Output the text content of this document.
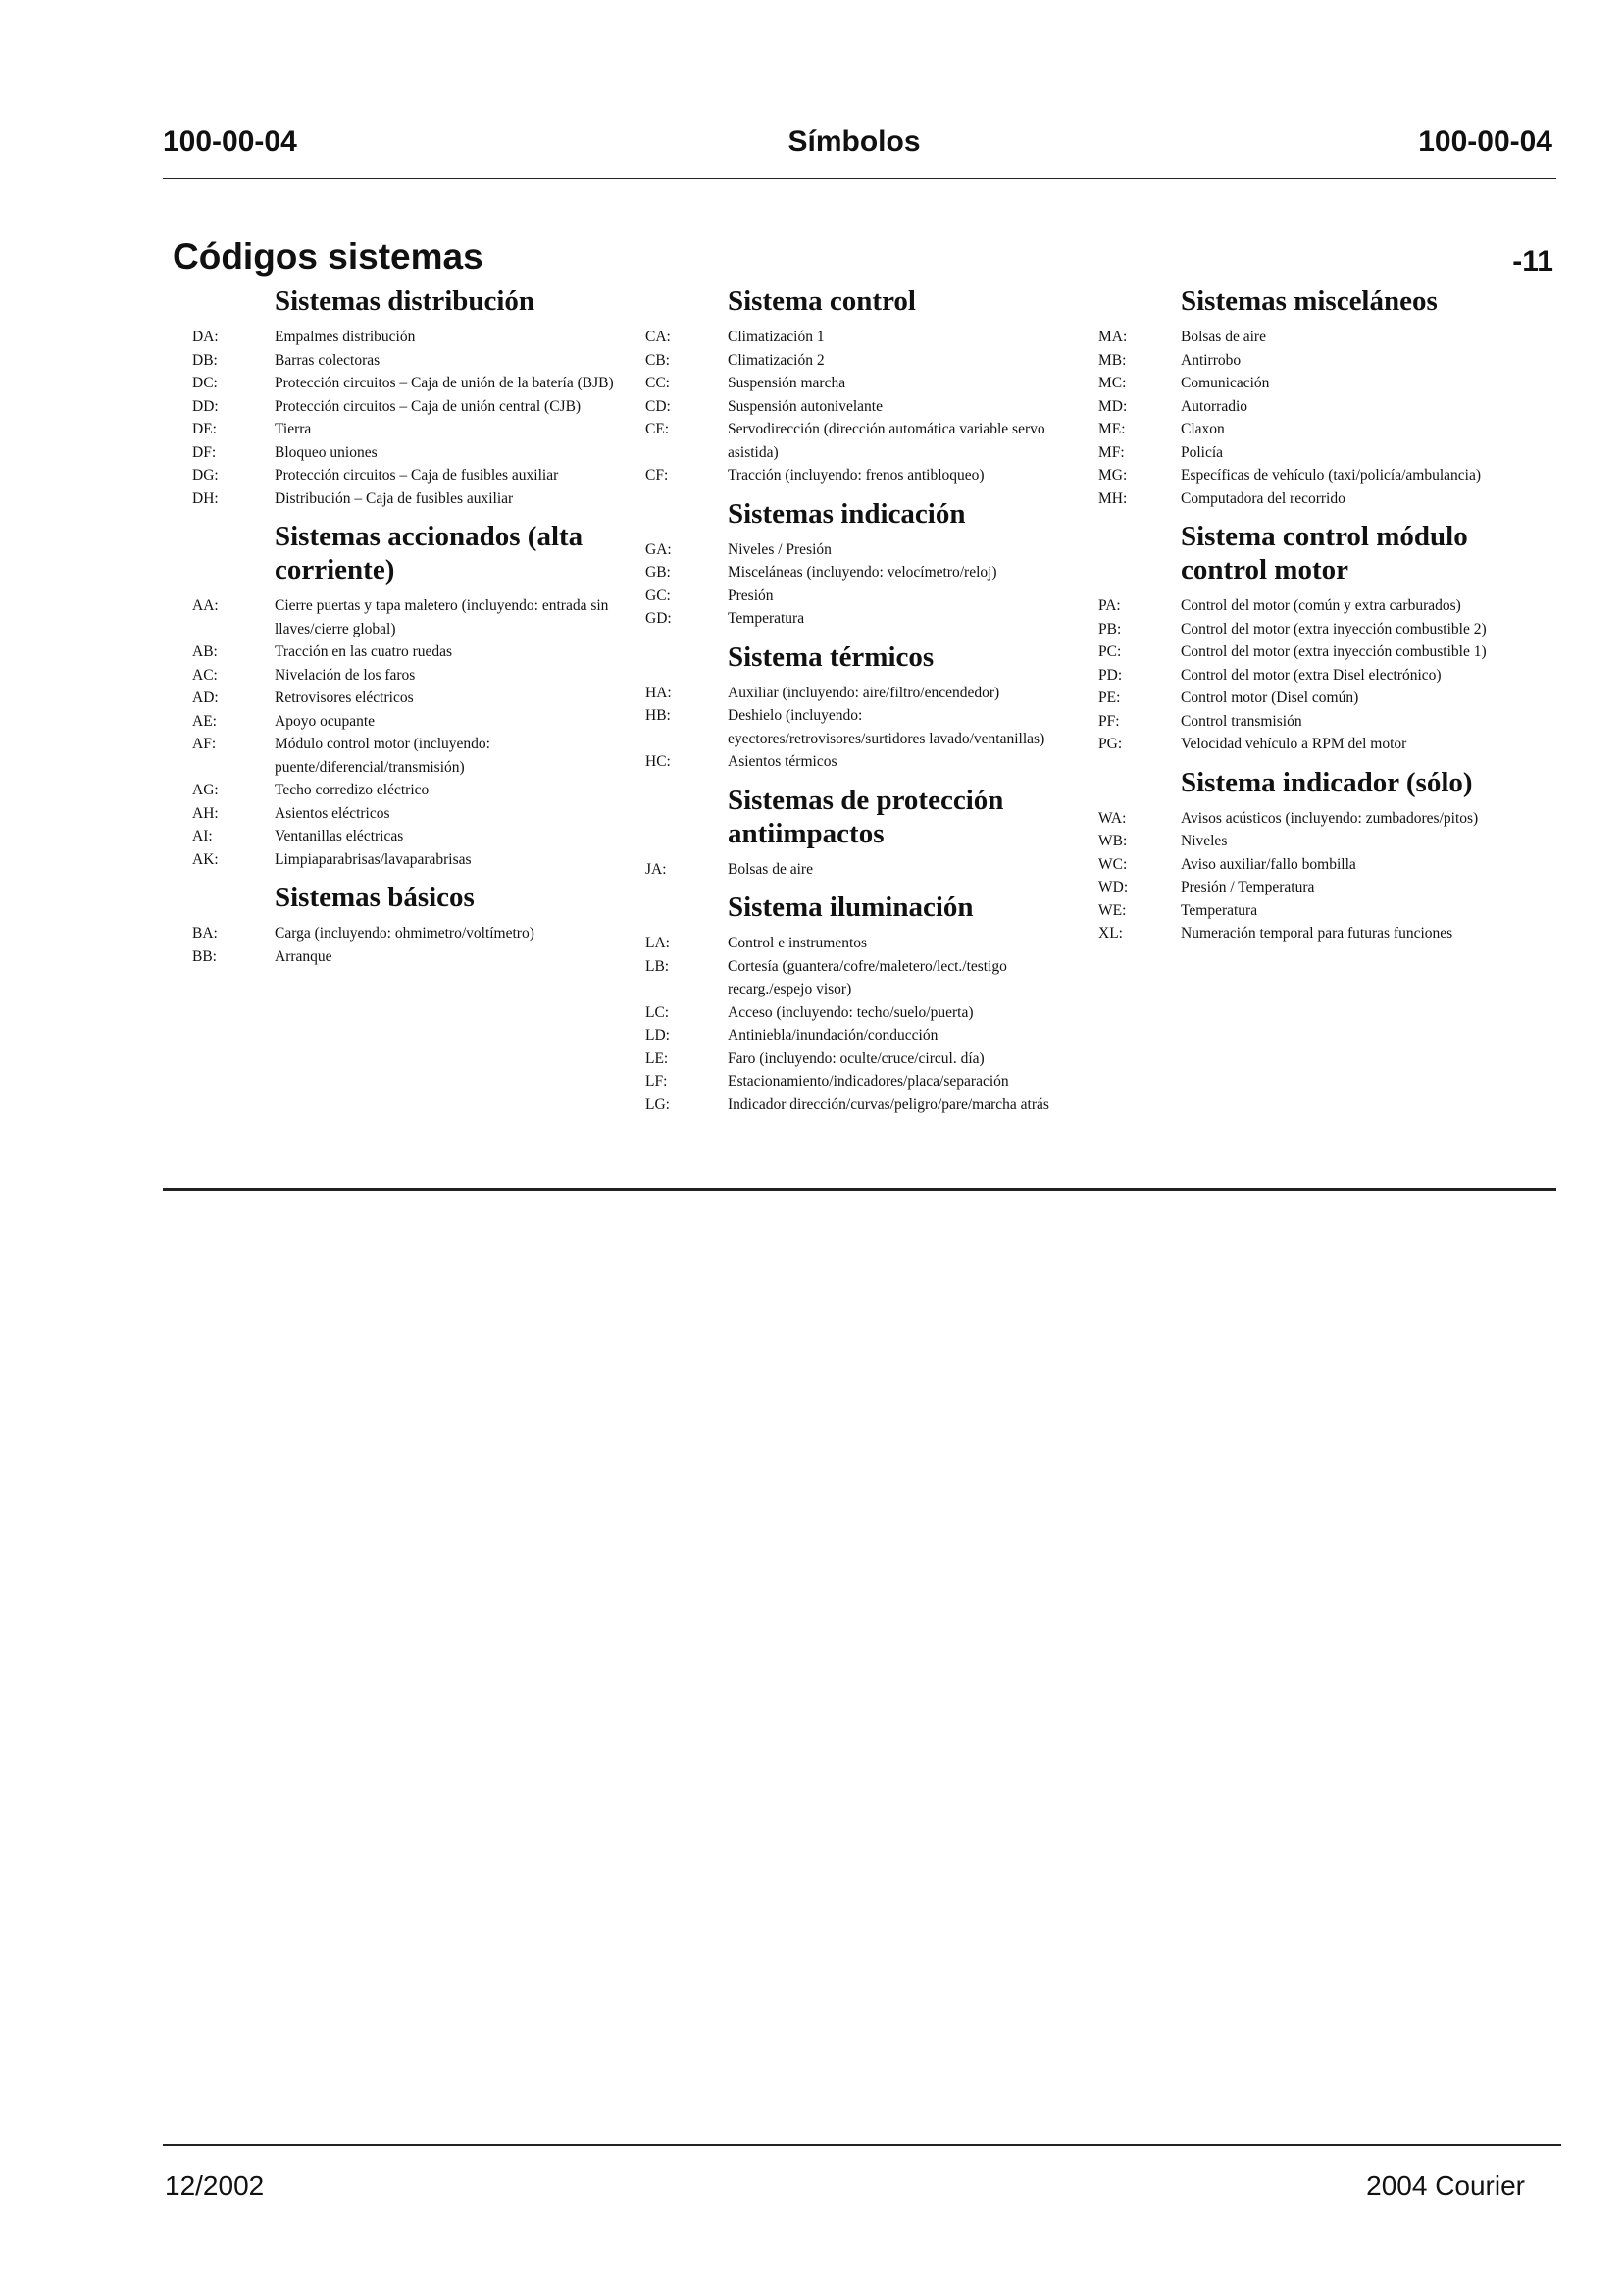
100-00-04	Símbolos	100-00-04
Códigos sistemas	-11
Sistemas distribución
DA:	Empalmes distribución
DB:	Barras colectoras
DC:	Protección circuitos – Caja de unión de la batería (BJB)
DD:	Protección circuitos – Caja de unión central (CJB)
DE:	Tierra
DF:	Bloqueo uniones
DG:	Protección circuitos – Caja de fusibles auxiliar
DH:	Distribución – Caja de fusibles auxiliar
Sistemas accionados (alta corriente)
AA:	Cierre puertas y tapa maletero (incluyendo: entrada sin llaves/cierre global)
AB:	Tracción en las cuatro ruedas
AC:	Nivelación de los faros
AD:	Retrovisores eléctricos
AE:	Apoyo ocupante
AF:	Módulo control motor (incluyendo: puente/diferencial/transmisión)
AG:	Techo corredizo eléctrico
AH:	Asientos eléctricos
AI:	Ventanillas eléctricas
AK:	Limpiaparabrisas/lavaparabrisas
Sistemas básicos
BA:	Carga (incluyendo: ohmimetro/voltímetro)
BB:	Arranque
Sistema control
CA:	Climatización 1
CB:	Climatización 2
CC:	Suspensión marcha
CD:	Suspensión autonivelante
CE:	Servodirección (dirección automática variable servo asistida)
CF:	Tracción (incluyendo: frenos antibloqueo)
Sistemas indicación
GA:	Niveles / Presión
GB:	Misceláneas (incluyendo: velocímetro/reloj)
GC:	Presión
GD:	Temperatura
Sistema térmicos
HA:	Auxiliar (incluyendo: aire/filtro/encendedor)
HB:	Deshielo (incluyendo: eyectores/retrovisores/surtidores lavado/ventanillas)
HC:	Asientos térmicos
Sistemas de protección antiimpactos
JA:	Bolsas de aire
Sistema iluminación
LA:	Control e instrumentos
LB:	Cortesía (guantera/cofre/maletero/lect./testigo recarg./espejo visor)
LC:	Acceso (incluyendo: techo/suelo/puerta)
LD:	Antiniebla/inundación/conducción
LE:	Faro (incluyendo: oculte/cruce/circul. día)
LF:	Estacionamiento/indicadores/placa/separación
LG:	Indicador dirección/curvas/peligro/pare/marcha atrás
Sistemas misceláneos
MA:	Bolsas de aire
MB:	Antirrobo
MC:	Comunicación
MD:	Autorradio
ME:	Claxon
MF:	Policía
MG:	Específicas de vehículo (taxi/policía/ambulancia)
MH:	Computadora del recorrido
Sistema control módulo control motor
PA:	Control del motor (común y extra carburados)
PB:	Control del motor (extra inyección combustible 2)
PC:	Control del motor (extra inyección combustible 1)
PD:	Control del motor (extra Disel electrónico)
PE:	Control motor (Disel común)
PF:	Control transmisión
PG:	Velocidad vehículo a RPM del motor
Sistema indicador (sólo)
WA:	Avisos acústicos (incluyendo: zumbadores/pitos)
WB:	Niveles
WC:	Aviso auxiliar/fallo bombilla
WD:	Presión / Temperatura
WE:	Temperatura
XL:	Numeración temporal para futuras funciones
12/2002	2004 Courier
